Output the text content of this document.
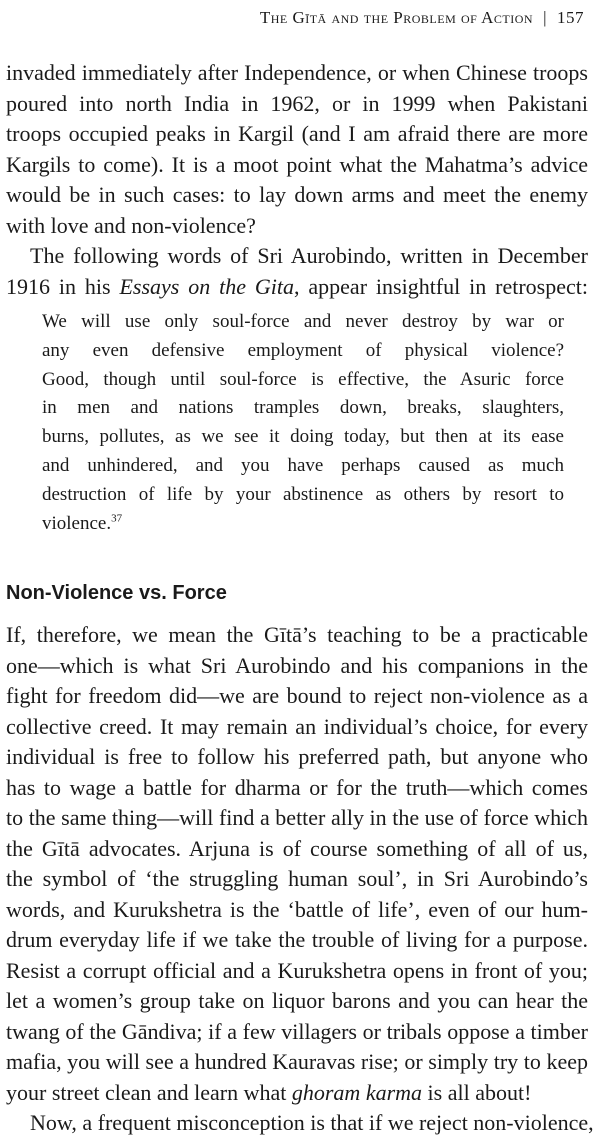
The Gītā and the Problem of Action | 157
invaded immediately after Independence, or when Chinese troops
poured into north India in 1962, or in 1999 when Pakistani
troops occupied peaks in Kargil (and I am afraid there are more
Kargils to come). It is a moot point what the Mahatma’s advice
would be in such cases: to lay down arms and meet the enemy
with love and non-violence?
The following words of Sri Aurobindo, written in December
1916 in his Essays on the Gita, appear insightful in retrospect:
We will use only soul-force and never destroy by war or
any even defensive employment of physical violence?
Good, though until soul-force is effective, the Asuric force
in men and nations tramples down, breaks, slaughters,
burns, pollutes, as we see it doing today, but then at its ease
and unhindered, and you have perhaps caused as much
destruction of life by your abstinence as others by resort to
violence.$^{37}$
Non-Violence vs. Force
If, therefore, we mean the Gītā’s teaching to be a practicable
one—which is what Sri Aurobindo and his companions in the
fight for freedom did—we are bound to reject non-violence as a
collective creed. It may remain an individual’s choice, for every
individual is free to follow his preferred path, but anyone who
has to wage a battle for dharma or for the truth—which comes
to the same thing—will find a better ally in the use of force which
the Gītā advocates. Arjuna is of course something of all of us,
the symbol of ‘the struggling human soul’, in Sri Aurobindo’s
words, and Kurukshetra is the ‘battle of life’, even of our hum-
drum everyday life if we take the trouble of living for a purpose.
Resist a corrupt official and a Kurukshetra opens in front of you;
let a women’s group take on liquor barons and you can hear the
twang of the Gāndiva; if a few villagers or tribals oppose a timber
mafia, you will see a hundred Kauravas rise; or simply try to keep
your street clean and learn what ghoram karma is all about!
Now, a frequent misconception is that if we reject non-violence,
